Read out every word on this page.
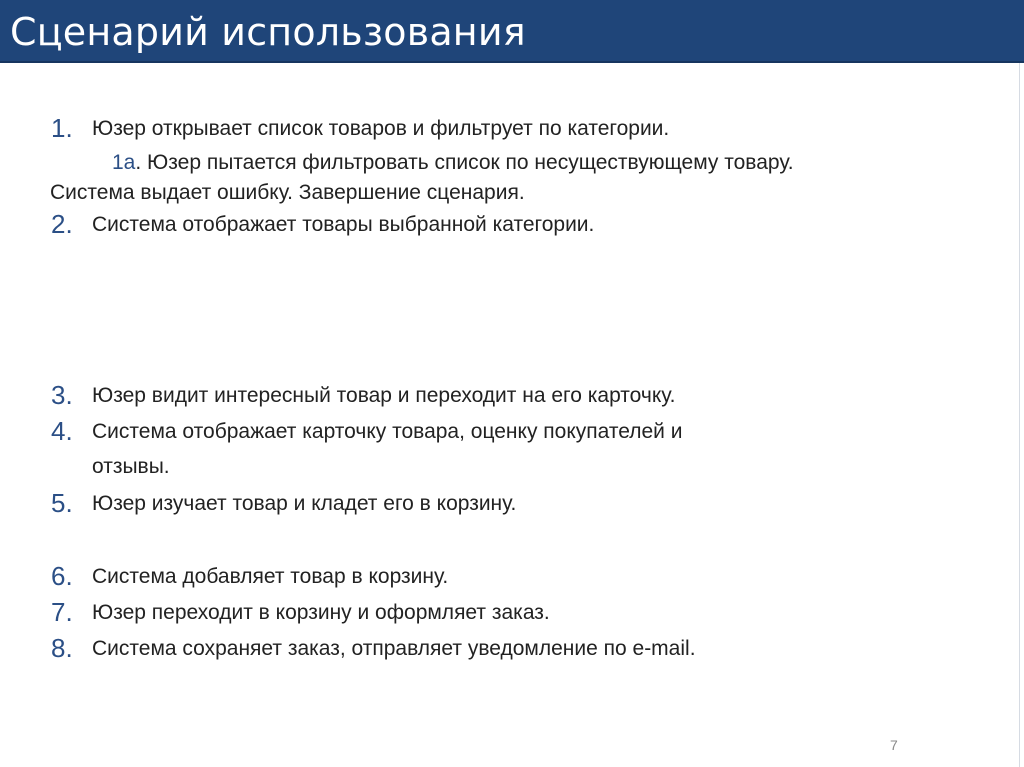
Сценарий использования
1. Юзер открывает список товаров и фильтрует по категории.
1а. Юзер пытается фильтровать список по несуществующему товару.
Система выдает ошибку. Завершение сценария.
2. Система отображает товары выбранной категории.
3. Юзер видит интересный товар и переходит на его карточку.
4. Система отображает карточку товара, оценку покупателей и
отзывы.
5. Юзер изучает товар и кладет его в корзину.
6. Система добавляет товар в корзину.
7. Юзер переходит в корзину и оформляет заказ.
8. Система сохраняет заказ, отправляет уведомление по e-mail.
7
